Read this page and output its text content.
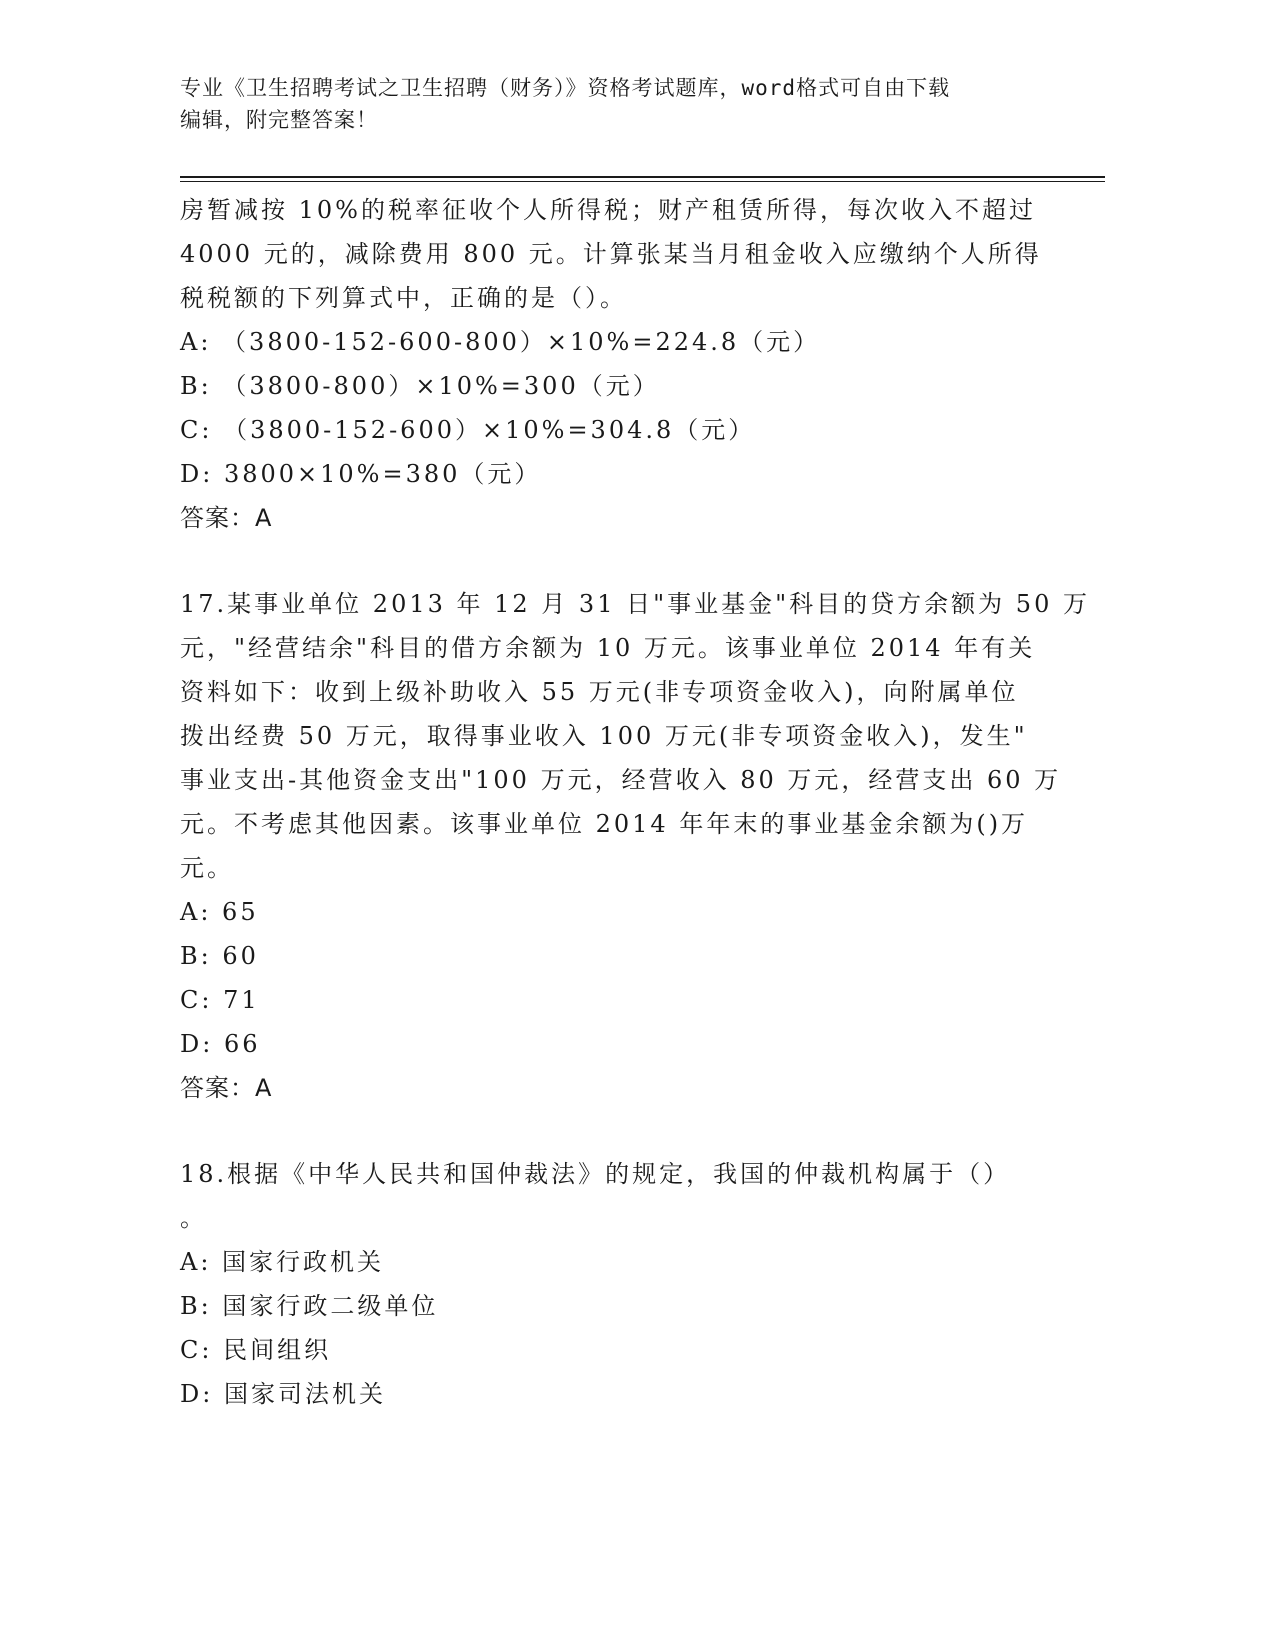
专业《卫生招聘考试之卫生招聘（财务）》资格考试题库，word格式可自由下载
编辑，附完整答案！
房暂减按 10%的税率征收个人所得税；财产租赁所得，每次收入不超过
4000 元的，减除费用 800 元。计算张某当月租金收入应缴纳个人所得
税税额的下列算式中，正确的是（）。
A: （3800-152-600-800）×10%=224.8（元）
B: （3800-800）×10%=300（元）
C: （3800-152-600）×10%=304.8（元）
D: 3800×10%=380（元）
答案：A
17.某事业单位 2013 年 12 月 31 日"事业基金"科目的贷方余额为 50 万
元，"经营结余"科目的借方余额为 10 万元。该事业单位 2014 年有关
资料如下：收到上级补助收入 55 万元(非专项资金收入)，向附属单位
拨出经费 50 万元，取得事业收入 100 万元(非专项资金收入)，发生"
事业支出-其他资金支出"100 万元，经营收入 80 万元，经营支出 60 万
元。不考虑其他因素。该事业单位 2014 年年末的事业基金余额为()万
元。
A: 65
B: 60
C: 71
D: 66
答案：A
18.根据《中华人民共和国仲裁法》的规定，我国的仲裁机构属于（）
。
A: 国家行政机关
B: 国家行政二级单位
C: 民间组织
D: 国家司法机关
